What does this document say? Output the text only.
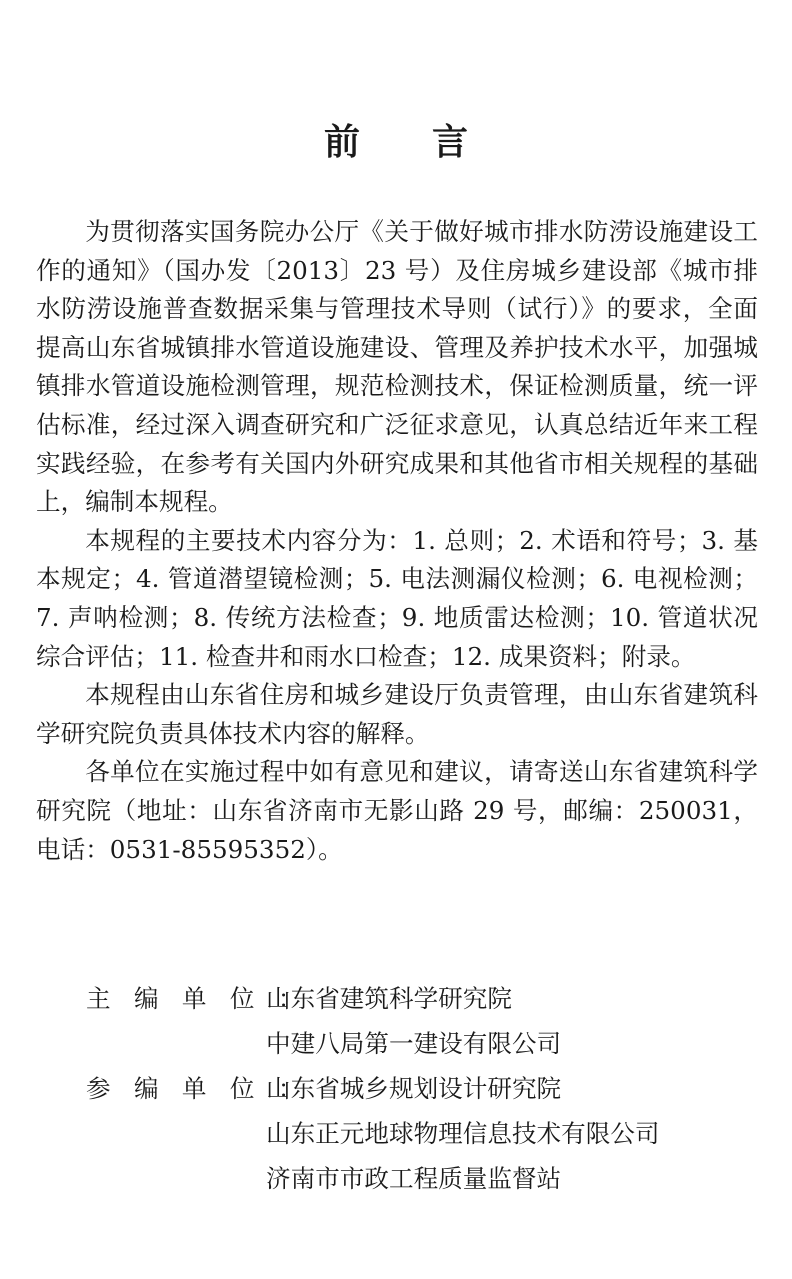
前 言

为贯彻落实国务院办公厅《关于做好城市排水防涝设施建设工作的通知》（国办发〔2013〕23 号）及住房城乡建设部《城市排水防涝设施普查数据采集与管理技术导则（试行）》的要求，全面提高山东省城镇排水管道设施建设、管理及养护技术水平，加强城镇排水管道设施检测管理，规范检测技术，保证检测质量，统一评估标准，经过深入调查研究和广泛征求意见，认真总结近年来工程实践经验，在参考有关国内外研究成果和其他省市相关规程的基础上，编制本规程。

本规程的主要技术内容分为：1. 总则；2. 术语和符号；3. 基本规定；4. 管道潜望镜检测；5. 电法测漏仪检测；6. 电视检测；7. 声呐检测；8. 传统方法检查；9. 地质雷达检测；10. 管道状况综合评估；11. 检查井和雨水口检查；12. 成果资料；附录。

本规程由山东省住房和城乡建设厅负责管理，由山东省建筑科学研究院负责具体技术内容的解释。

各单位在实施过程中如有意见和建议，请寄送山东省建筑科学研究院（地址：山东省济南市无影山路 29 号，邮编：250031，电话：0531-85595352）。

主编单位：
山东省建筑科学研究院
中建八局第一建设有限公司
参编单位：
山东省城乡规划设计研究院
山东正元地球物理信息技术有限公司
济南市市政工程质量监督站
